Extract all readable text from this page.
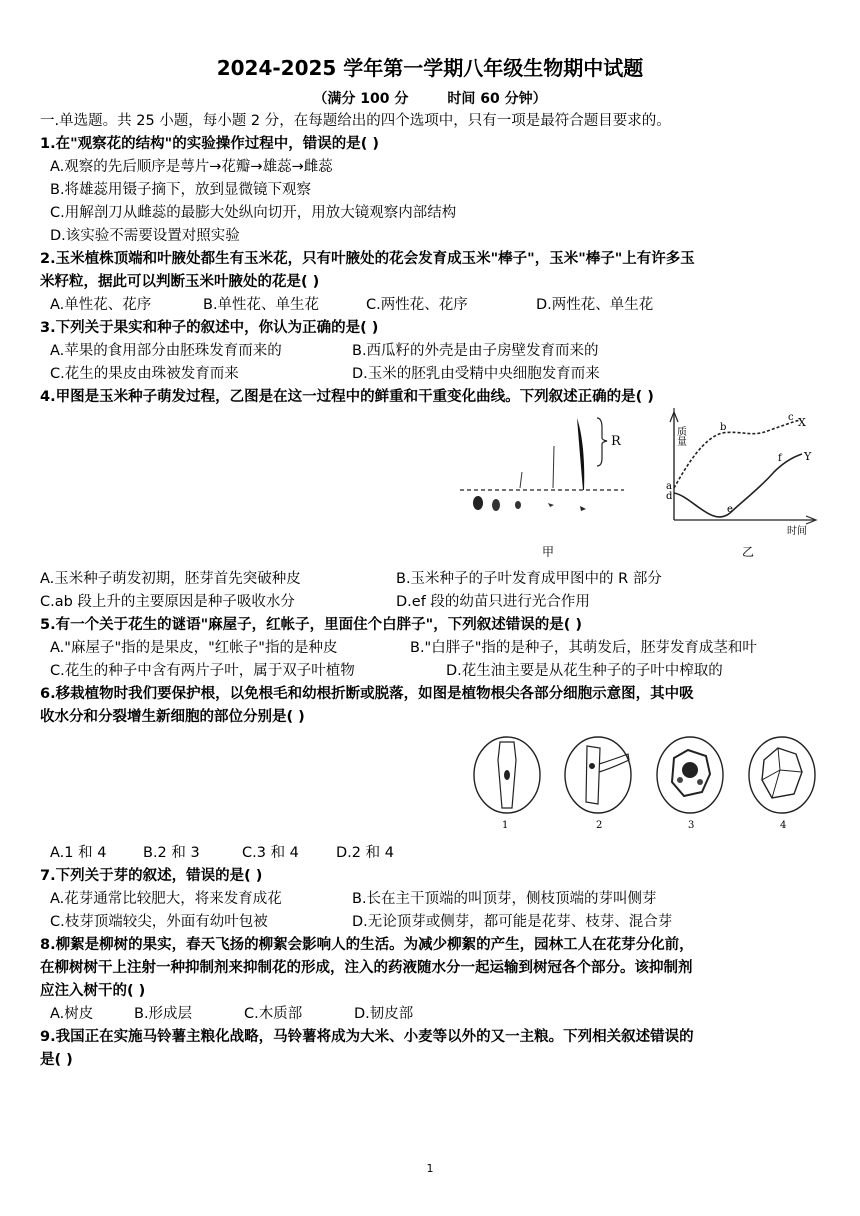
2024-2025 学年第一学期八年级生物期中试题
（满分 100 分        时间 60 分钟）
一.单选题。共 25 小题，每小题 2 分，在每题给出的四个选项中，只有一项是最符合题目要求的。
1.在"观察花的结构"的实验操作过程中，错误的是( )
A.观察的先后顺序是萼片→花瓣→雄蕊→雌蕊
B.将雄蕊用镊子摘下，放到显微镜下观察
C.用解剖刀从雌蕊的最膨大处纵向切开，用放大镜观察内部结构
D.该实验不需要设置对照实验
2.玉米植株顶端和叶腋处都生有玉米花，只有叶腋处的花会发育成玉米"棒子"，玉米"棒子"上有许多玉
米籽粒，据此可以判断玉米叶腋处的花是( )
A.单性花、花序	B.单性花、单生花	C.两性花、花序	D.两性花、单生花
3.下列关于果实和种子的叙述中，你认为正确的是( )
A.苹果的食用部分由胚珠发育而来的	B.西瓜籽的外壳是由子房壁发育而来的
C.花生的果皮由珠被发育而来	D.玉米的胚乳由受精中央细胞发育而来
4.甲图是玉米种子萌发过程，乙图是在这一过程中的鲜重和干重变化曲线。下列叙述正确的是( )
R
甲
质量
时间
a
d
b
c X
e
f Y
乙
A.玉米种子萌发初期，胚芽首先突破种皮	B.玉米种子的子叶发育成甲图中的 R 部分
C.ab 段上升的主要原因是种子吸收水分	D.ef 段的幼苗只进行光合作用
5.有一个关于花生的谜语"麻屋子，红帐子，里面住个白胖子"，下列叙述错误的是( )
A."麻屋子"指的是果皮，"红帐子"指的是种皮	B."白胖子"指的是种子，其萌发后，胚芽发育成茎和叶
C.花生的种子中含有两片子叶，属于双子叶植物	D.花生油主要是从花生种子的子叶中榨取的
6.移栽植物时我们要保护根，以免根毛和幼根折断或脱落，如图是植物根尖各部分细胞示意图，其中吸
收水分和分裂增生新细胞的部位分别是( )
1	2	3	4
A.1 和 4	B.2 和 3	C.3 和 4	D.2 和 4
7.下列关于芽的叙述，错误的是( )
A.花芽通常比较肥大，将来发育成花	B.长在主干顶端的叫顶芽，侧枝顶端的芽叫侧芽
C.枝芽顶端较尖，外面有幼叶包被	D.无论顶芽或侧芽，都可能是花芽、枝芽、混合芽
8.柳絮是柳树的果实，春天飞扬的柳絮会影响人的生活。为减少柳絮的产生，园林工人在花芽分化前，
在柳树树干上注射一种抑制剂来抑制花的形成，注入的药液随水分一起运输到树冠各个部分。该抑制剂
应注入树干的( )
A.树皮	B.形成层	C.木质部	D.韧皮部
9.我国正在实施马铃薯主粮化战略，马铃薯将成为大米、小麦等以外的又一主粮。下列相关叙述错误的
是( )
1
